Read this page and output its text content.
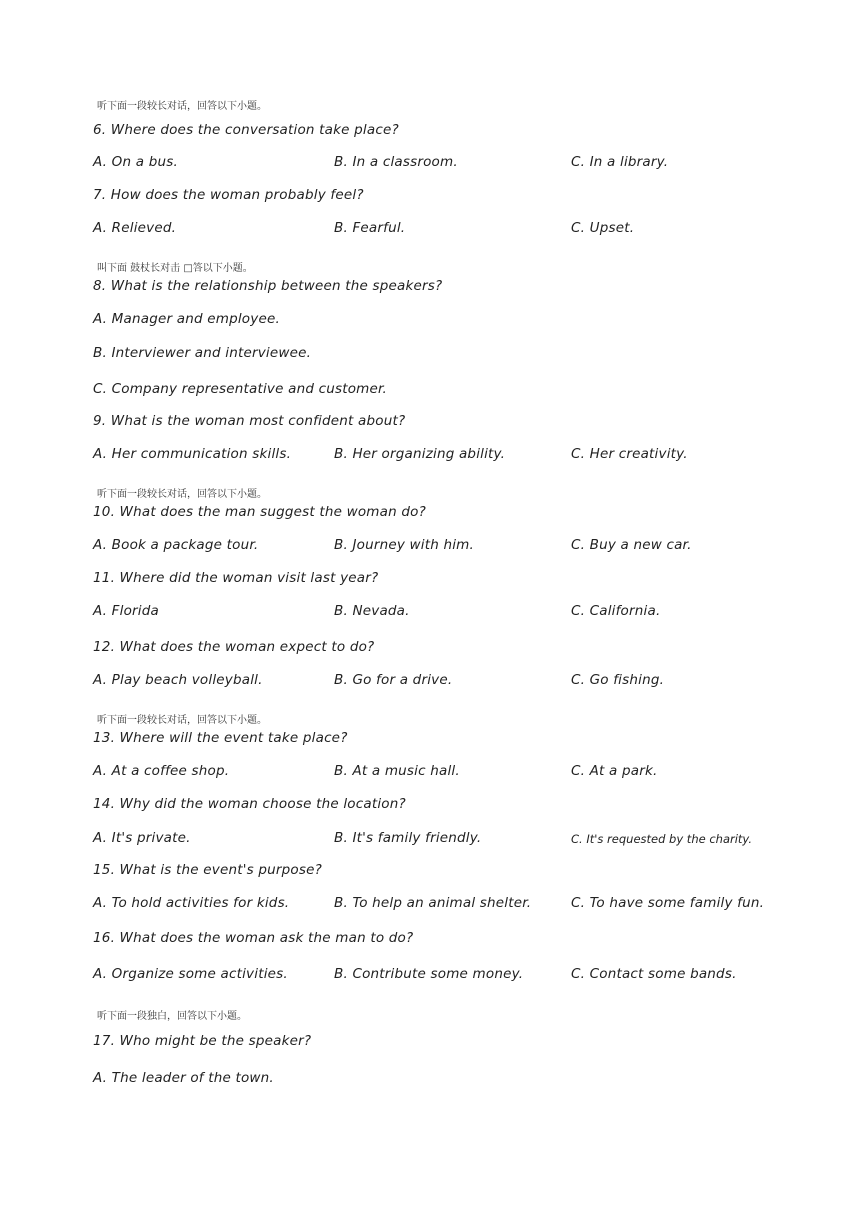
听下面一段较长对话，回答以下小题。
6. Where does the conversation take place?
A. On a bus.	B. In a classroom.	C. In a library.
7. How does the woman probably feel?
A. Relieved.	B. Fearful.	C. Upset.
叫下面 鼓杖长对击 □答以下小题。
8. What is the relationship between the speakers?
A. Manager and employee.
B. Interviewer and interviewee.
C. Company representative and customer.
9. What is the woman most confident about?
A. Her communication skills.	B. Her organizing ability.	C. Her creativity.
听下面一段较长对话，回答以下小题。
10. What does the man suggest the woman do?
A. Book a package tour.	B. Journey with him.	C. Buy a new car.
11. Where did the woman visit last year?
A. Florida	B. Nevada.	C. California.
12. What does the woman expect to do?
A. Play beach volleyball.	B. Go for a drive.	C. Go fishing.
听下面一段较长对话，回答以下小题。
13. Where will the event take place?
A. At a coffee shop.	B. At a music hall.	C. At a park.
14. Why did the woman choose the location?
A. It's private.	B. It's family friendly.	C. It's requested by the charity.
15. What is the event's purpose?
A. To hold activities for kids.	B. To help an animal shelter.	C. To have some family fun.
16. What does the woman ask the man to do?
A. Organize some activities.	B. Contribute some money.	C. Contact some bands.
听下面一段独白，回答以下小题。
17. Who might be the speaker?
A. The leader of the town.
